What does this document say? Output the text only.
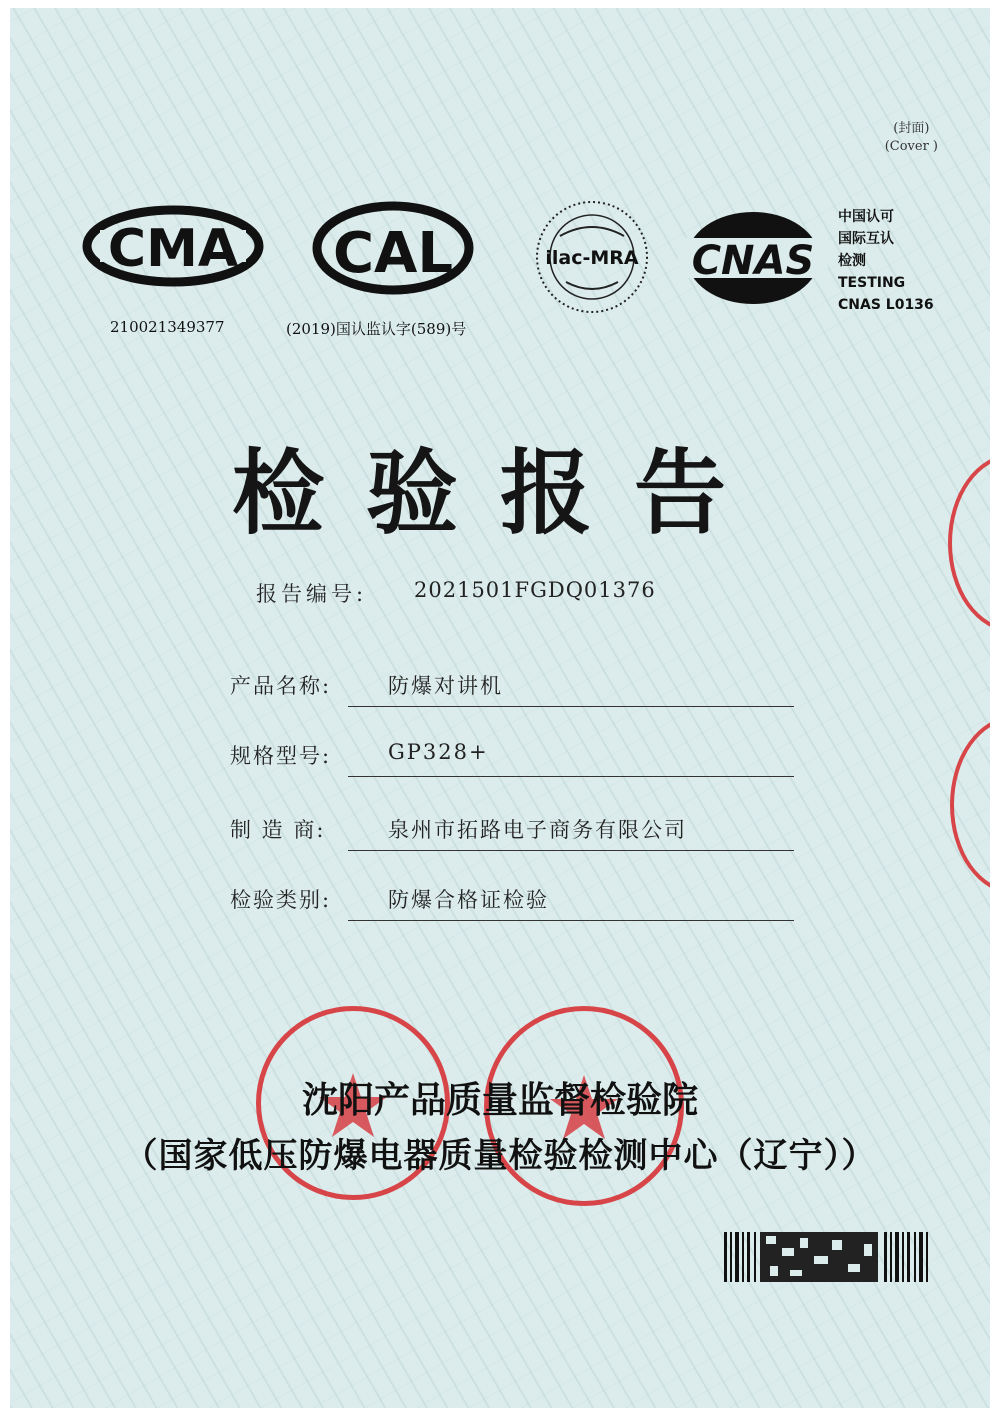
(封面)
(Cover )
CMA
210021349377
CAL
(2019)国认监认字(589)号
ilac-MRA CNAS
中国认可
国际互认
检测
TESTING
CNAS L0136
检验报告
报告编号: 2021501FGDQ01376
产品名称:	防爆对讲机
规格型号:	GP328+
制 造 商:	泉州市拓路电子商务有限公司
检验类别:	防爆合格证检验
沈阳产品质量监督检验院
（国家低压防爆电器质量检验检测中心（辽宁））
